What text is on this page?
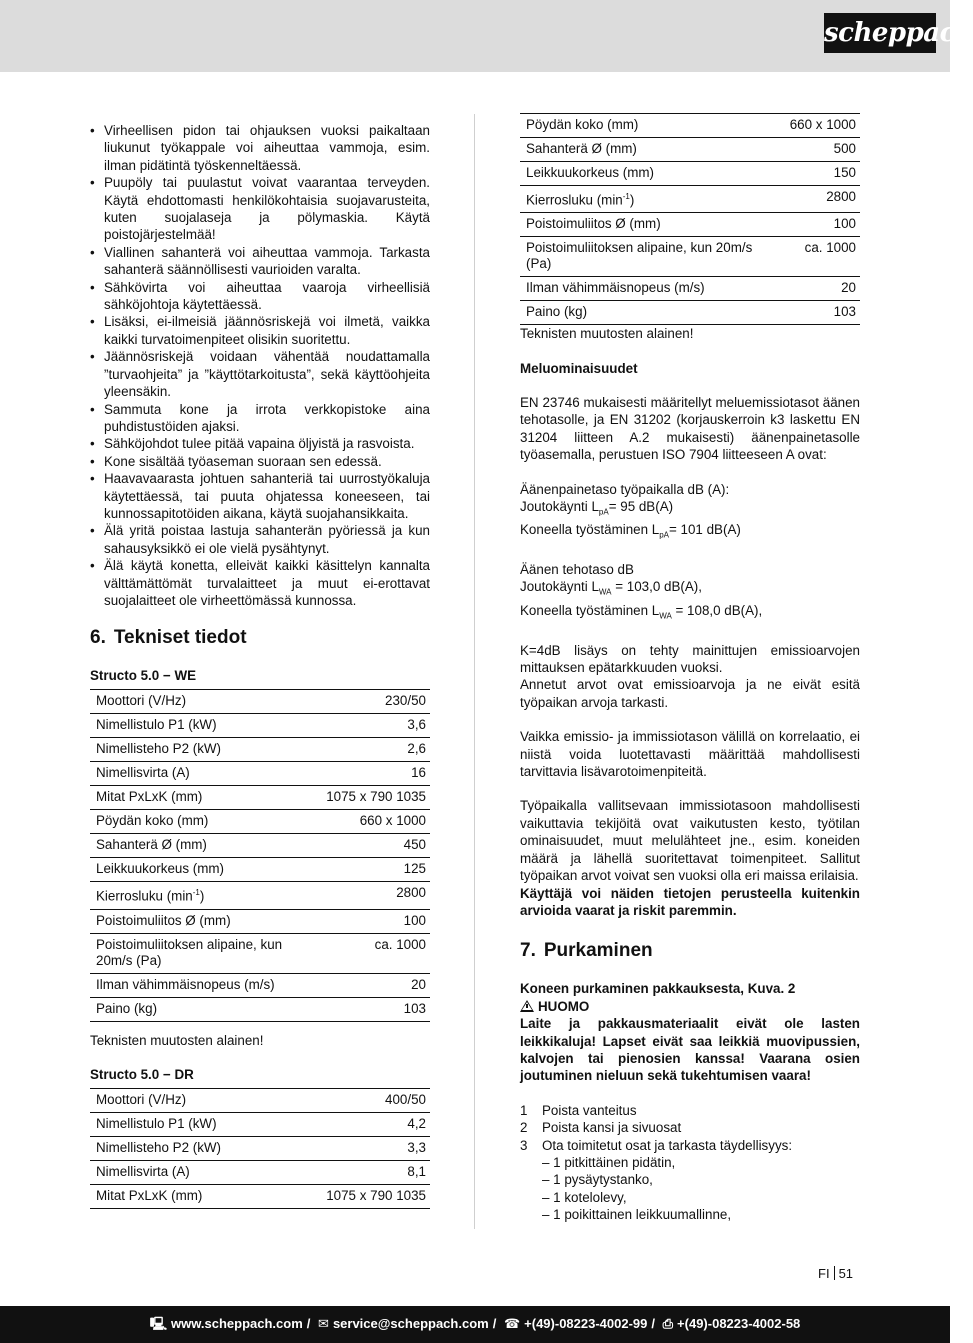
scheppach
• Virheellisen pidon tai ohjauksen vuoksi paikaltaan liukunut työkappale voi aiheuttaa vammoja, esim. ilman pidätintä työskenneltäessä.
• Puupöly tai puulastut voivat vaarantaa terveyden. Käytä ehdottomasti henkilökohtaisia suojavarusteita, kuten suojalaseja ja pölymaskia. Käytä poistojärjestelmää!
• Viallinen sahanterä voi aiheuttaa vammoja. Tarkasta sahanterä säännöllisesti vaurioiden varalta.
• Sähkövirta voi aiheuttaa vaaroja virheellisiä sähköjohtoja käytettäessä.
• Lisäksi, ei-ilmeisiä jäännösriskejä voi ilmetä, vaikka kaikki turvatoimenpiteet olisikin suoritettu.
• Jäännösriskejä voidaan vähentää noudattamalla ”turvaohjeita” ja ”käyttötarkoitusta”, sekä käyttöohjeita yleensäkin.
• Sammuta kone ja irrota verkkopistoke aina puhdistustöiden ajaksi.
• Sähköjohdot tulee pitää vapaina öljyistä ja rasvoista.
• Kone sisältää työaseman suoraan sen edessä.
• Haavavaarasta johtuen sahanteriä tai uurrostyökaluja käytettäessä, tai puuta ohjatessa koneeseen, tai kunnossapitotöiden aikana, käytä suojahansikkaita.
• Älä yritä poistaa lastuja sahanterän pyöriessä ja kun sahausyksikkö ei ole vielä pysähtynyt.
• Älä käytä konetta, elleivät kaikki käsittelyn kannalta välttämättömät turvalaitteet ja muut ei-erottavat suojalaitteet ole virheettömässä kunnossa.
6. Tekniset tiedot
Structo 5.0 − WE
Moottori (V/Hz)	230/50
Nimellistulo P1 (kW)	3,6
Nimellisteho P2 (kW)	2,6
Nimellisvirta (A)	16
Mitat PxLxK (mm)	1075 x 790 1035
Pöydän koko (mm)	660 x 1000
Sahanterä Ø (mm)	450
Leikkuukorkeus (mm)	125
Kierrosluku $(\min^{-1})$	2800
Poistoimuliitos Ø (mm)	100
Poistoimuliitoksen alipaine, kun 20m/s (Pa)	ca. 1000
Ilman vähimmäisnopeus (m/s)	20
Paino (kg)	103

Teknisten muutosten alainen!

Structo 5.0 − DR
Moottori (V/Hz)	400/50
Nimellistulo P1 (kW)	4,2
Nimellisteho P2 (kW)	3,3
Nimellisvirta (A)	8,1
Mitat PxLxK (mm)	1075 x 790 1035
Pöydän koko (mm)	660 x 1000
Sahanterä Ø (mm)	500
Leikkuukorkeus (mm)	150
Kierrosluku $(\min^{-1})$	2800
Poistoimuliitos Ø (mm)	100
Poistoimuliitoksen alipaine, kun 20m/s (Pa)	ca. 1000
Ilman vähimmäisnopeus (m/s)	20
Paino (kg)	103

Teknisten muutosten alainen!

Meluominaisuudet

EN 23746 mukaisesti määritellyt meluemissiotasot äänen tehotasolle, ja EN 31202 (korjauskerroin k3 laskettu EN 31204 liitteen A.2 mukaisesti) äänenpainetasolle työasemalla, perustuen ISO 7904 liitteeseen A ovat:

Äänenpainetaso työpaikalla dB (A):

Joutokäynti $L_{pA}= 95$ dB(A)

Koneella työstäminen $L_{pA}= 101$ dB(A)

Äänen tehotaso dB

Joutokäynti $L_{WA} = 103,0$ dB(A),

Koneella työstäminen $L_{WA} = 108,0$ dB(A),

K=4dB lisäys on tehty mainittujen emissioarvojen mittauksen epätarkkuuden vuoksi.

Annetut arvot ovat emissioarvoja ja ne eivät esitä työpaikan arvoja tarkasti.

Vaikka emissio- ja immissiotason välillä on korrelaatio, ei niistä voida luotettavasti määrittää mahdollisesti tarvittavia lisävarotoimenpiteitä.

Työpaikalla vallitsevaan immissiotasoon mahdollisesti vaikuttavia tekijöitä ovat vaikutusten kesto, työtilan ominaisuudet, muut melulähteet jne., esim. koneiden määrä ja lähellä suoritettavat toimenpiteet. Sallitut työpaikan arvot voivat sen vuoksi olla eri maissa erilaisia.

Käyttäjä voi näiden tietojen perusteella kuitenkin arvioida vaarat ja riskit paremmin.

7. Purkaminen

Koneen purkaminen pakkauksesta, Kuva. 2

HUOMO

Laite ja pakkausmateriaalit eivät ole lasten leikkikaluja! Lapset eivät saa leikkiä muovipussien, kalvojen tai pienosien kanssa! Vaarana osien joutuminen nieluun sekä tukehtumisen vaara!

1 Poista vanteitus
2 Poista kansi ja sivuosat
3 Ota toimitetut osat ja tarkasta täydellisyys:
– 1 pitkittäinen pidätin,
– 1 pysäytystanko,
– 1 kotelolevy,
– 1 poikittainen leikkuumallinne,
FI 51
🖳 www.scheppach.com / ✉ service@scheppach.com / ☎ +(49)-08223-4002-99 / ⎙ +(49)-08223-4002-58
